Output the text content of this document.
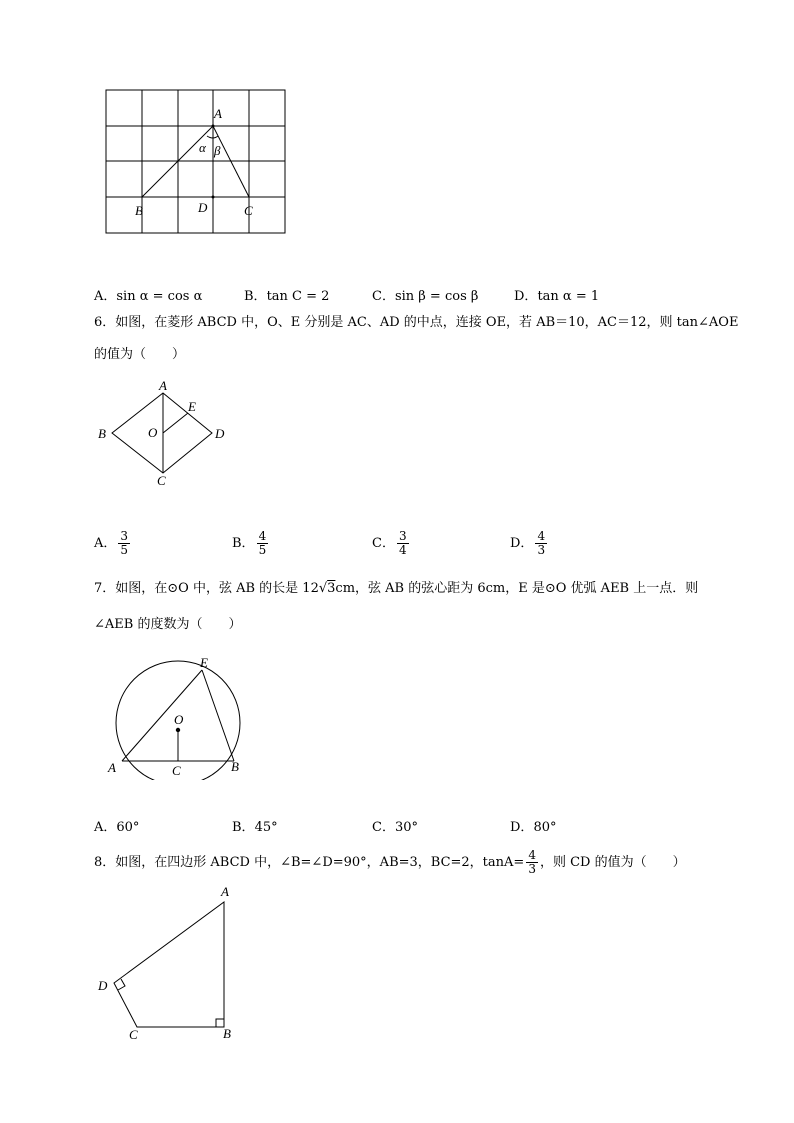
A
α β
B	D	C
A．sin α = cos α	B．tan C = 2	C．sin β = cos β	D．tan α = 1
6．如图，在菱形 ABCD 中，O、E 分别是 AC、AD 的中点，连接 OE，若 AB＝10，AC＝12，则 tan∠AOE
的值为（　　）
A
E
B	O	D
C
A． $\frac{3}{5}$	B． $\frac{4}{5}$	C． $\frac{3}{4}$	D． $\frac{4}{3}$
7．如图，在⊙O 中，弦 AB 的长是 12√3cm，弦 AB 的弦心距为 6cm，E 是⊙O 优弧 AEB 上一点．则
∠AEB 的度数为（　　）
E
O
A	C	B
A．60°	B．45°	C．30°	D．80°
8．如图，在四边形 ABCD 中，∠B=∠D=90°，AB=3，BC=2，$\tan A= \frac{4}{3}$ ，则 CD 的值为（　　）
A
D
C	B
